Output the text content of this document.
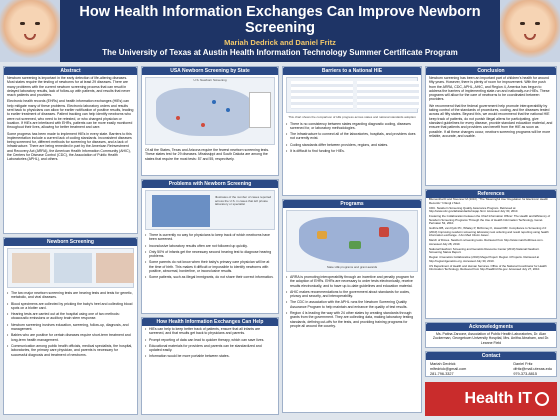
How Health Information Exchanges Can Improve Newborn Screening
Mariah Dedrick and Daniel Fritz
The University of Texas at Austin Health Information Technology Summer Certificate Program
Abstract

Newborn screening is important in the early detection of life-altering diseases. Most states require the testing of newborns for at least 29 diseases. There are many problems with the current newborn screening process that can result in delayed laboratory results, lack of follow-up with patients, and results that never reach patients and providers.

Electronic health records (EHRs) and health information exchanges (HIEs) can help mitigate many of these problems. Electronic laboratory orders and results sent back to physicians can allow for earlier notification of positive results, leading to earlier treatment of diseases. Patient tracking can help identify newborns who were not screened, who need to be retested, or who changed physician or location. If HIEs are interfaced with EHRs, patients can be more easily monitored throughout their lives, allowing for better treatment and care.

Some progress has been made to implement HIEs in every state. Barriers to this implementation include a current lack of coding standards. Inconsistent diseases being screened for, different methods for screening for diseases, and a lack of infrastructure. There are being remedied in part by the American Reinvestment and Recovery Act (ARRA), the American Health Information Community (AHIC), the Centers for Disease Control (CDC), the Association of Public Health Laboratories (APHL), and others.

Newborn Screening
• The two major newborn screening tests are hearing tests and tests for genetic, metabolic, and viral diseases.
• Blood specimens are collected by pricking the baby's heel and collecting blood spots on a blotter card.
• Hearing tests are carried out at the hospital using one of two methods: otoacoustic emissions or auditory brain stem response.
• Newborn screening involves education, screening, follow-up, diagnosis, and management.
• Babies who are positive for certain diseases require short-term treatment and long-term health management.
• Communication among public health officials, medical specialists, the hospital, laboratories, the primary care physician, and parents is necessary for successful diagnosis and treatment of newborns.
USA Newborn Screening by State
U.S. Newborn Screening

Of all the States, Texas and Arizona require the fewest newborn screening tests. These states test for 29 diseases. Mississippi and South Dakota are among the states that require the most tests: 57 and 55, respectively.

Problems with Newborn Screening
Illustrates of the number of cases reported across the U.S. in cases that left private laboratory or specialist
• There is currently no way for physicians to keep track of which newborns have been screened.
• Inconclusive laboratory results often are not followed up quickly.
• Only 50% of infants get the necessary second hearing test to diagnose hearing problems.
• Some parents do not know when their baby's primary care physician will be at the time of birth. This makes it difficult or impossible to identify newborns with positive, abnormal, borderline, or inconclusive results.
• Some patients, such as illegal immigrants, do not share their correct information.
How Health Information Exchanges Can Help
• HIEs can help to keep better track of patients, ensure that all infants are screened, and that results get back to physicians and parents.
• Prompt reporting of data can lead to quicker therapy, which can save lives.
• Educational materials for providers and parents can be standardized and updated easily.
• Information would be more portable between states.
Barriers to a National HIE
This chart shows the comparison of HIE progress across states and national standards adoption
• There is no consistency between states regarding diagnostic coding, diseases screened for, or laboratory methodologies.
• The infrastructure to connect all of the laboratories, hospitals, and providers does not currently exist.
• Coding standards differ between providers, regions, and states.
• It is difficult to find funding for HIEs.
Programs
State HIE programs and grant awards
• ARRA is promoting interoperability through an incentive and penalty program for the adoption of EHRs. EHRs are necessary to order tests electronically, receive results electronically, and to have up-to-date guidelines and education material.
• AHIC makes recommendations to the government about standards for codes, privacy and security, and interoperability.
• The CDC in association with the APHL runs the Newborn Screening Quality Assurance Program to help maintain and enhance the quality of test results.
• Region 4 is leading the way with 24 other states by creating standards through grants from the government. They are collecting data, making laboratory testing standards, defining cut-offs for the tests, and providing training programs for people all around the country.
Conclusion

Newborn screening has been an important part of children's health for around fifty years. However, there is plenty of room for improvement. With the push from the ARRA, CDC, APHL, AHIC, and Region 4, America has begun to address the barriers of implementing state-run and nationally-run HIEs. These programs will allow for the care of newborns to be coordinated between providers.

We recommend that the federal government help promote interoperability by taking control of the standards of procedures, coding, and the diseases tested across all fifty states. Beyond this, we would recommend that the national HIE keep track of patients, do not punish illegal aliens for participating, give standard guidelines for every disease, provide standard education material, and ensure that patients and providers can benefit from the HIE as soon as possible. If all these changes occur, newborn screening programs will be more reliable, accurate, and usable.

References

Blumenthal D and Tavenner M (2010). "The 'Meaningful Use' Regulation for Electronic Health Records." N Engl J Med.

CDC. Newborn Screening Quality Assurance Program. Retrieved at http://www.cdc.gov/labstandards/nsqap.html. Accessed July 30, 2010.

Fostering the Collaboration between the Chief Information Officer: The Health and Efficiency of Newborn Screening Programs Through the Use of Health Information Technology. Genet. Perinatal. 52, 2010.

Guthrie RB, van Dyck PC, Whaley P, McKinney K, Howell RR. Compliance to Screening 2.0 (2010) Improving newborn screening laboratory test ordering and result reporting using health information exchange. J Am Med Inform Assoc.

March of Dimes. Newborn screening tests. Retrieved from http://www.marchofdimes.com. Accessed July 28, 2010.

National Newborn Screening and Genetics Resource Center (2010) National Newborn Screening Status Report.

Region 4 Genetics Collaborative (2010) Mega Project: Region 4 Projects. Retrieved at http://region4genetics.org. Accessed July 30, 2010.

US Department of Health and Human Services. Office of the National Coordinator for Health Information Technology. Retrieved from http://healthit.hhs.gov. Accessed July 27, 2010.

Acknowledgments

Ms. Patina Zarcone, Association of Public Health Laboratories, Dr. Alan Zuckerman, Georgetown University Hospital, Mrs. Anitha Abraham, and Dr. Leanne Field

Contact
Mariah Dedrick
mlfedrick@gmail.com
281-796-3327
Daniel Fritz
dfritz@mail.utexas.edu
979-373-8815
Health IT
